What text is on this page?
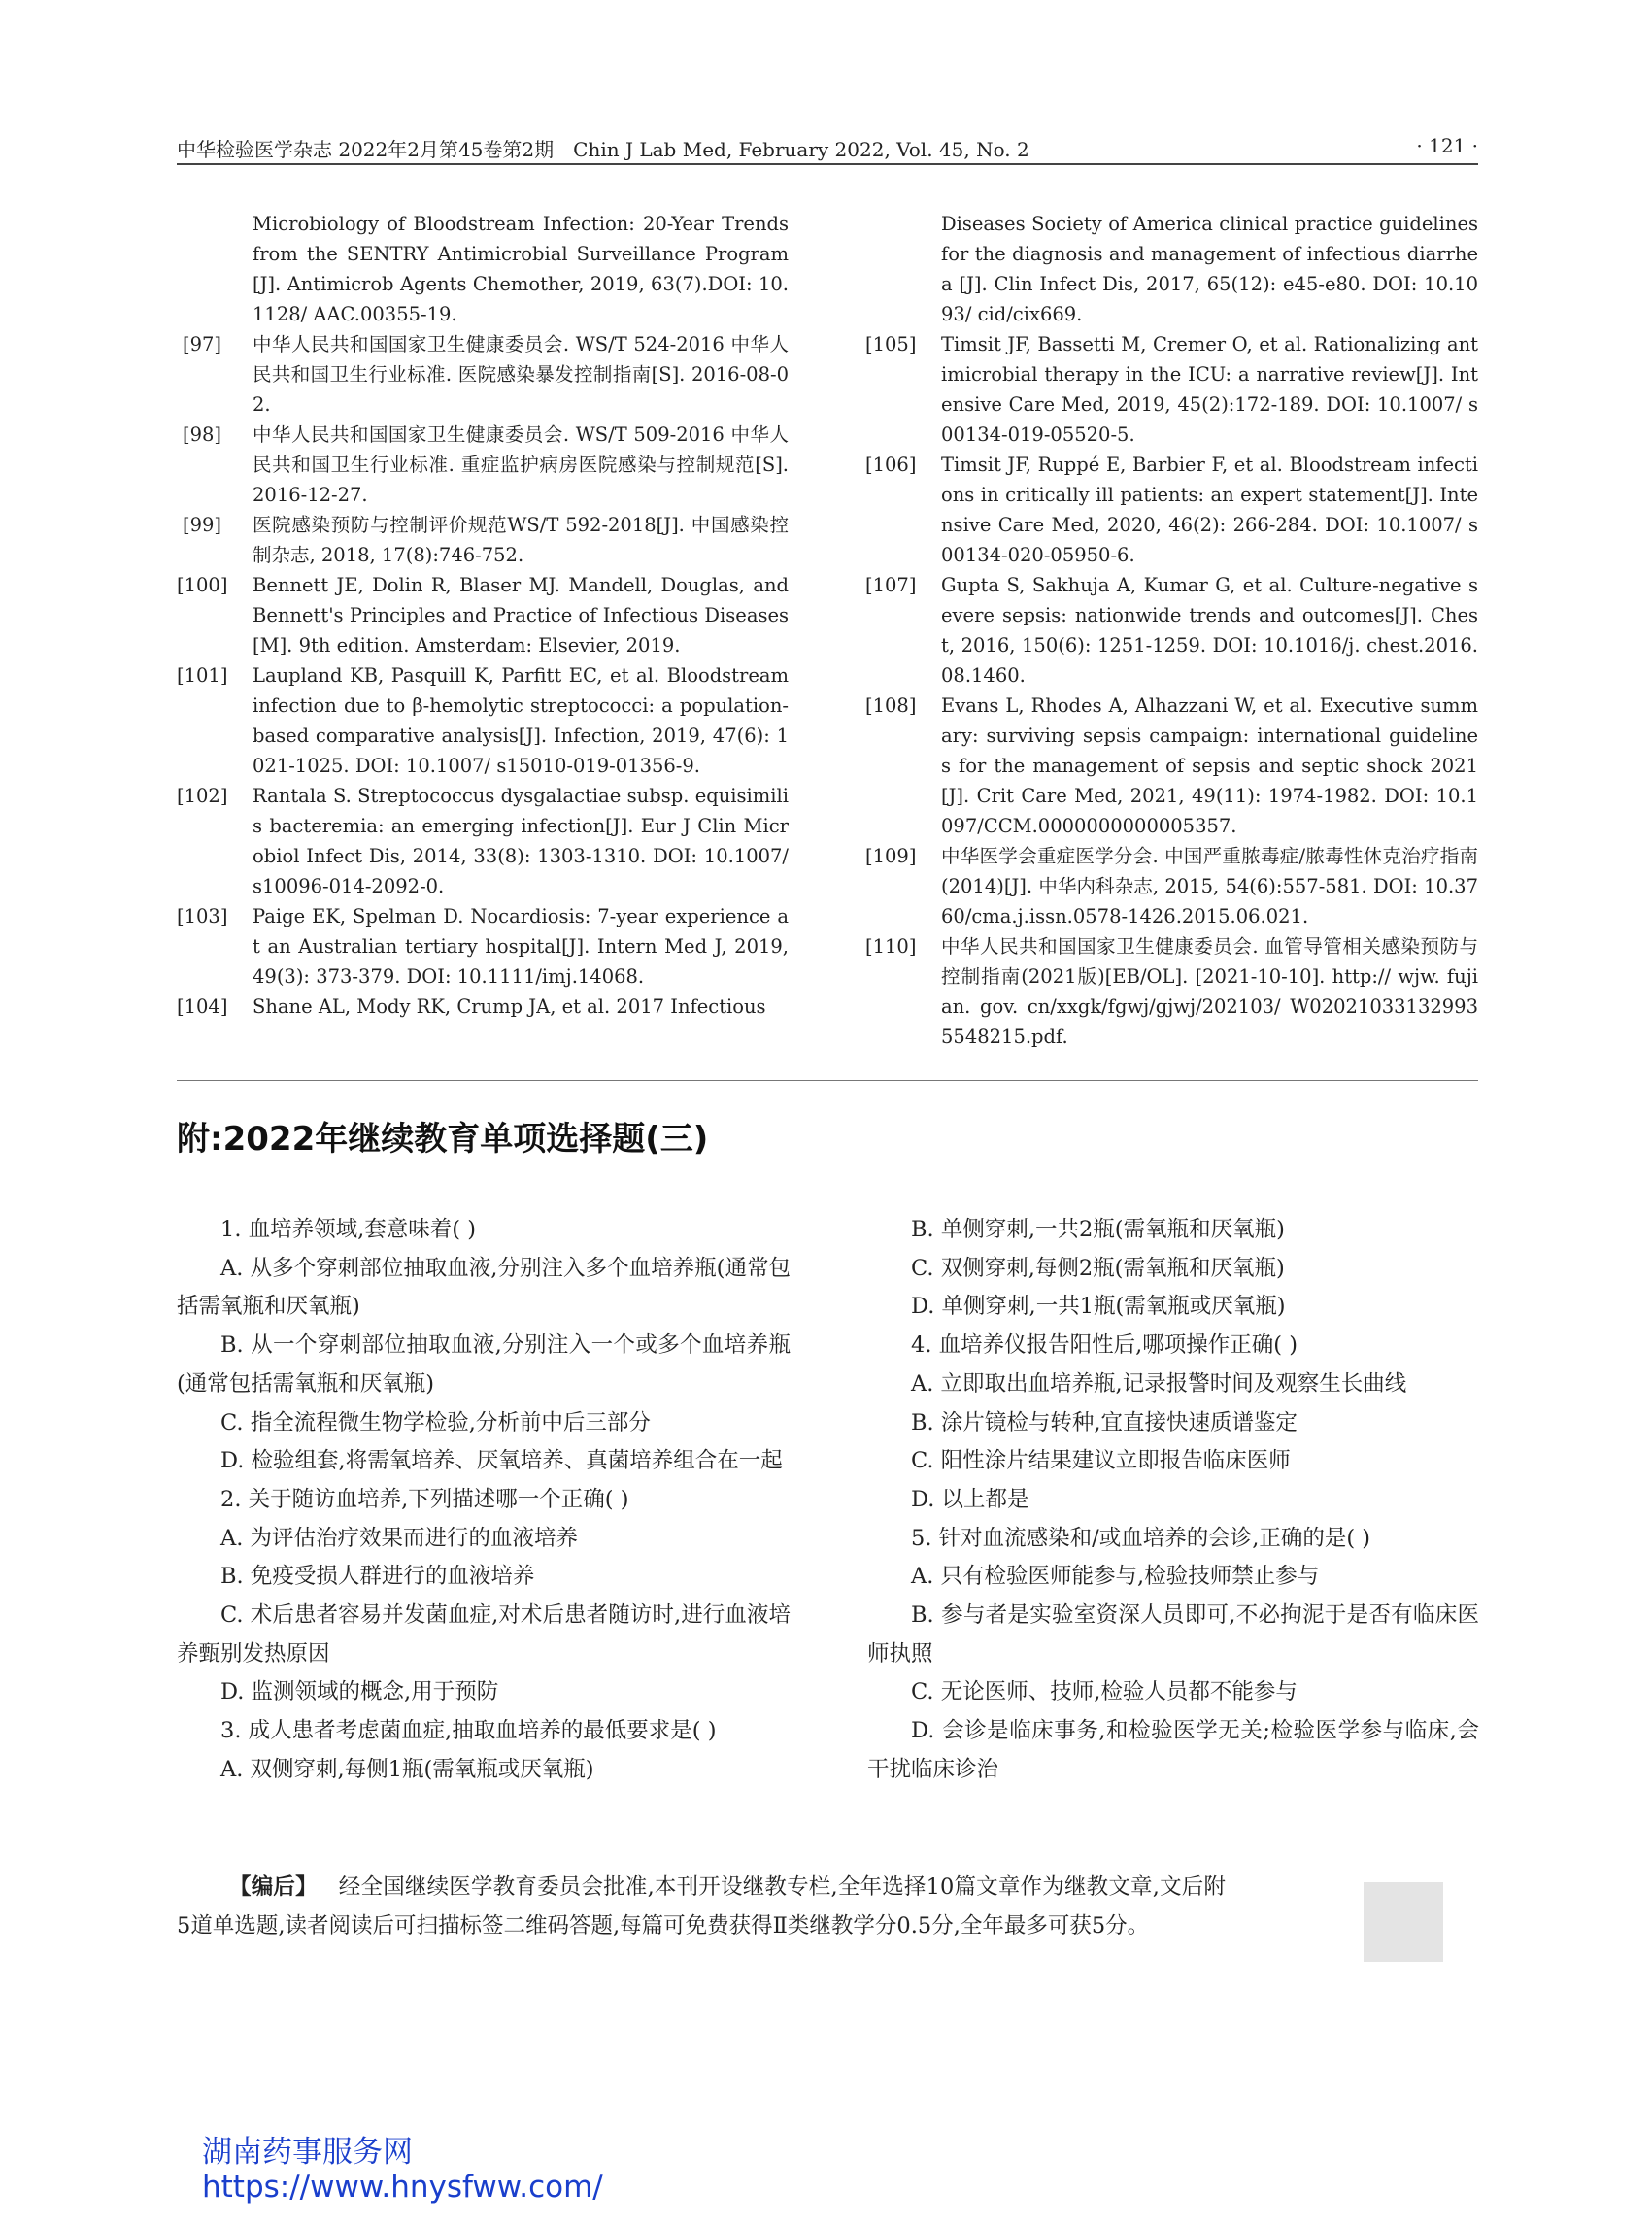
中华检验医学杂志 2022年2月第45卷第2期　Chin J Lab Med, February 2022, Vol. 45, No. 2	· 121 ·
Microbiology of Bloodstream Infection: 20-Year Trends from the SENTRY Antimicrobial Surveillance Program[J]. Antimicrob Agents Chemother, 2019, 63(7).DOI: 10.1128/ AAC.00355-19.
[97]	中华人民共和国国家卫生健康委员会. WS/T 524-2016 中华人民共和国卫生行业标准. 医院感染暴发控制指南[S]. 2016-08-02.
[98]	中华人民共和国国家卫生健康委员会. WS/T 509-2016 中华人民共和国卫生行业标准. 重症监护病房医院感染与控制规范[S]. 2016-12-27.
[99]	医院感染预防与控制评价规范WS/T 592-2018[J]. 中国感染控制杂志, 2018, 17(8):746-752.
[100] Bennett JE, Dolin R, Blaser MJ. Mandell, Douglas, and Bennett's Principles and Practice of Infectious Diseases [M]. 9th edition. Amsterdam: Elsevier, 2019.
[101] Laupland KB, Pasquill K, Parfitt EC, et al. Bloodstream infection due to β-hemolytic streptococci: a population-based comparative analysis[J]. Infection, 2019, 47(6): 1021-1025. DOI: 10.1007/ s15010-019-01356-9.
[102] Rantala S. Streptococcus dysgalactiae subsp. equisimilis bacteremia: an emerging infection[J]. Eur J Clin Microbiol Infect Dis, 2014, 33(8): 1303-1310. DOI: 10.1007/ s10096-014-2092-0.
[103] Paige EK, Spelman D. Nocardiosis: 7-year experience at an Australian tertiary hospital[J]. Intern Med J, 2019, 49(3): 373-379. DOI: 10.1111/imj.14068.
[104] Shane AL, Mody RK, Crump JA, et al. 2017 Infectious
Diseases Society of America clinical practice guidelines for the diagnosis and management of infectious diarrhea [J]. Clin Infect Dis, 2017, 65(12): e45-e80. DOI: 10.1093/ cid/cix669.
[105] Timsit JF, Bassetti M, Cremer O, et al. Rationalizing antimicrobial therapy in the ICU: a narrative review[J]. Intensive Care Med, 2019, 45(2):172-189. DOI: 10.1007/ s00134-019-05520-5.
[106] Timsit JF, Ruppé E, Barbier F, et al. Bloodstream infections in critically ill patients: an expert statement[J]. Intensive Care Med, 2020, 46(2): 266-284. DOI: 10.1007/ s00134-020-05950-6.
[107] Gupta S, Sakhuja A, Kumar G, et al. Culture-negative severe sepsis: nationwide trends and outcomes[J]. Chest, 2016, 150(6): 1251-1259. DOI: 10.1016/j. chest.2016.08.1460.
[108] Evans L, Rhodes A, Alhazzani W, et al. Executive summary: surviving sepsis campaign: international guidelines for the management of sepsis and septic shock 2021[J]. Crit Care Med, 2021, 49(11): 1974-1982. DOI: 10.1097/CCM.0000000000005357.
[109] 中华医学会重症医学分会. 中国严重脓毒症/脓毒性休克治疗指南(2014)[J]. 中华内科杂志, 2015, 54(6):557-581. DOI: 10.3760/cma.j.issn.0578-1426.2015.06.021.
[110] 中华人民共和国国家卫生健康委员会. 血管导管相关感染预防与控制指南(2021版)[EB/OL]. [2021-10-10]. http:// wjw. fujian. gov. cn/xxgk/fgwj/gjwj/202103/ W020210331329935548215.pdf.
附:2022年继续教育单项选择题(三)

1. 血培养领域,套意味着( )

A. 从多个穿刺部位抽取血液,分别注入多个血培养瓶(通常包括需氧瓶和厌氧瓶)

B. 从一个穿刺部位抽取血液,分别注入一个或多个血培养瓶(通常包括需氧瓶和厌氧瓶)

C. 指全流程微生物学检验,分析前中后三部分

D. 检验组套,将需氧培养、厌氧培养、真菌培养组合在一起

2. 关于随访血培养,下列描述哪一个正确( )

A. 为评估治疗效果而进行的血液培养

B. 免疫受损人群进行的血液培养

C. 术后患者容易并发菌血症,对术后患者随访时,进行血液培养甄别发热原因

D. 监测领域的概念,用于预防

3. 成人患者考虑菌血症,抽取血培养的最低要求是( )

A. 双侧穿刺,每侧1瓶(需氧瓶或厌氧瓶)

B. 单侧穿刺,一共2瓶(需氧瓶和厌氧瓶)

C. 双侧穿刺,每侧2瓶(需氧瓶和厌氧瓶)

D. 单侧穿刺,一共1瓶(需氧瓶或厌氧瓶)

4. 血培养仪报告阳性后,哪项操作正确( )

A. 立即取出血培养瓶,记录报警时间及观察生长曲线

B. 涂片镜检与转种,宜直接快速质谱鉴定

C. 阳性涂片结果建议立即报告临床医师

D. 以上都是

5. 针对血流感染和/或血培养的会诊,正确的是( )

A. 只有检验医师能参与,检验技师禁止参与

B. 参与者是实验室资深人员即可,不必拘泥于是否有临床医师执照

C. 无论医师、技师,检验人员都不能参与

D. 会诊是临床事务,和检验医学无关;检验医学参与临床,会干扰临床诊治

【编后】 经全国继续医学教育委员会批准,本刊开设继教专栏,全年选择10篇文章作为继教文章,文后附5道单选题,读者阅读后可扫描标签二维码答题,每篇可免费获得Ⅱ类继教学分0.5分,全年最多可获5分。
湖南药事服务网
https://www.hnysfww.com/
